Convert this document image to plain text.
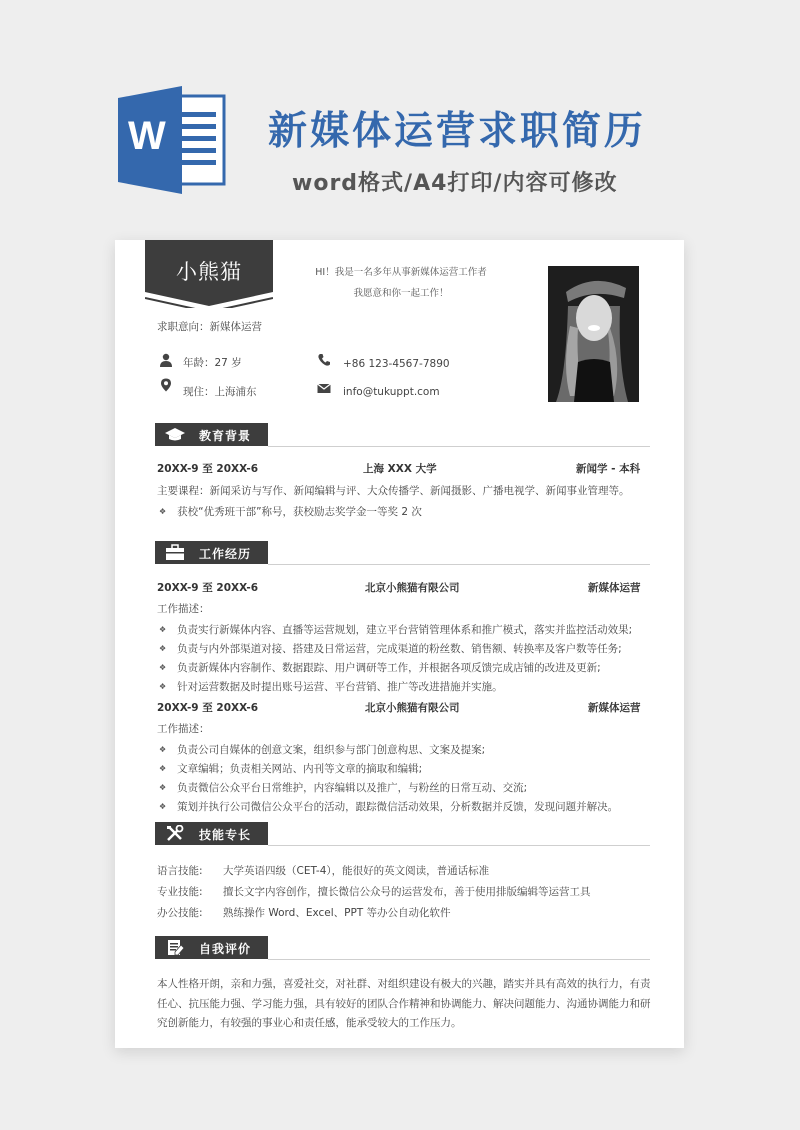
W	新媒体运营求职简历
word格式/A4打印/内容可修改
小熊猫	HI！我是一名多年从事新媒体运营工作者
我愿意和你一起工作！
求职意向：新媒体运营
年龄：27 岁	+86 123-4567-7890
现住：上海浦东	info@tukuppt.com
教育背景
20XX-9 至 20XX-6	上海 XXX 大学	新闻学 - 本科
主要课程：新闻采访与写作、新闻编辑与评、大众传播学、新闻摄影、广播电视学、新闻事业管理等。
❖ 获校“优秀班干部”称号，获校励志奖学金一等奖 2 次
工作经历
20XX-9 至 20XX-6	北京小熊猫有限公司	新媒体运营
工作描述：
❖ 负责实行新媒体内容、直播等运营规划，建立平台营销管理体系和推广模式，落实并监控活动效果;
❖ 负责与内外部渠道对接、搭建及日常运营，完成渠道的粉丝数、销售额、转换率及客户数等任务;
❖ 负责新媒体内容制作、数据跟踪、用户调研等工作，并根据各项反馈完成店铺的改进及更新;
❖ 针对运营数据及时提出账号运营、平台营销、推广等改进措施并实施。
20XX-9 至 20XX-6	北京小熊猫有限公司	新媒体运营
工作描述：
❖ 负责公司自媒体的创意文案，组织参与部门创意构思、文案及提案;
❖ 文章编辑；负责相关网站、内刊等文章的摘取和编辑;
❖ 负责微信公众平台日常维护，内容编辑以及推广，与粉丝的日常互动、交流;
❖ 策划并执行公司微信公众平台的活动，跟踪微信活动效果，分析数据并反馈，发现问题并解决。
技能专长
语言技能: 大学英语四级（CET-4），能很好的英文阅读，普通话标准
专业技能: 擅长文字内容创作，擅长微信公众号的运营发布，善于使用排版编辑等运营工具
办公技能: 熟练操作 Word、Excel、PPT 等办公自动化软件
自我评价
本人性格开朗，亲和力强，喜爱社交，对社群、对组织建设有极大的兴趣，踏实并具有高效的执行力，有责任心、抗压能力强、学习能力强，具有较好的团队合作精神和协调能力、解决问题能力、沟通协调能力和研究创新能力，有较强的事业心和责任感，能承受较大的工作压力。
